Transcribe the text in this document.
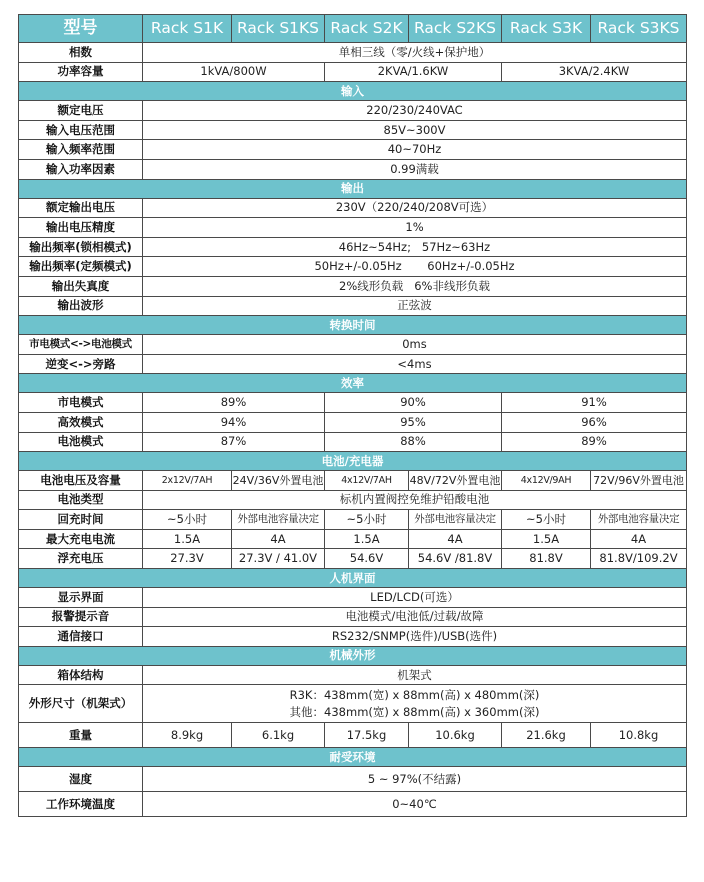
型号	Rack S1K	Rack S1KS	Rack S2K	Rack S2KS	Rack S3K	Rack S3KS
相数	单相三线（零/火线+保护地）					
功率容量	1kVA/800W		2KVA/1.6KW		3KVA/2.4KW	
输入						
额定电压	220/230/240VAC					
输入电压范围	85V~300V					
输入频率范围	40~70Hz					
输入功率因素	0.99满载					
输出						
额定输出电压	230V（220/240/208V可选）					
输出电压精度	1%					
输出频率(锁相模式)	46Hz~54Hz;   57Hz~63Hz					
输出频率(定频模式)	50Hz+/-0.05Hz       60Hz+/-0.05Hz					
输出失真度	2%线形负载   6%非线形负载					
输出波形	正弦波					
转换时间						
市电模式<->电池模式	0ms					
逆变<->旁路	<4ms					
效率						
市电模式	89%		90%		91%	
高效模式	94%		95%		96%	
电池模式	87%		88%		89%	
电池/充电器						
电池电压及容量	2x12V/7AH	24V/36V外置电池	4x12V/7AH	48V/72V外置电池	4x12V/9AH	72V/96V外置电池
电池类型	标机内置阀控免维护铅酸电池					
回充时间	~5小时	外部电池容量决定	~5小时	外部电池容量决定	~5小时	外部电池容量决定
最大充电电流	1.5A	4A	1.5A	4A	1.5A	4A
浮充电压	27.3V	27.3V / 41.0V	54.6V	54.6V /81.8V	81.8V	81.8V/109.2V
人机界面						
显示界面	LED/LCD(可选）					
报警提示音	电池模式/电池低/过载/故障					
通信接口	RS232/SNMP(选件)/USB(选件)					
机械外形						
箱体结构	机架式					
外形尺寸（机架式）	R3K：438mm(宽) x 88mm(高) x 480mm(深)
其他：438mm(宽) x 88mm(高) x 360mm(深)					

重量	8.9kg	6.1kg	17.5kg	10.6kg	21.6kg	10.8kg
耐受环境						
湿度	5 ~ 97%(不结露)					
工作环境温度	0~40℃					
